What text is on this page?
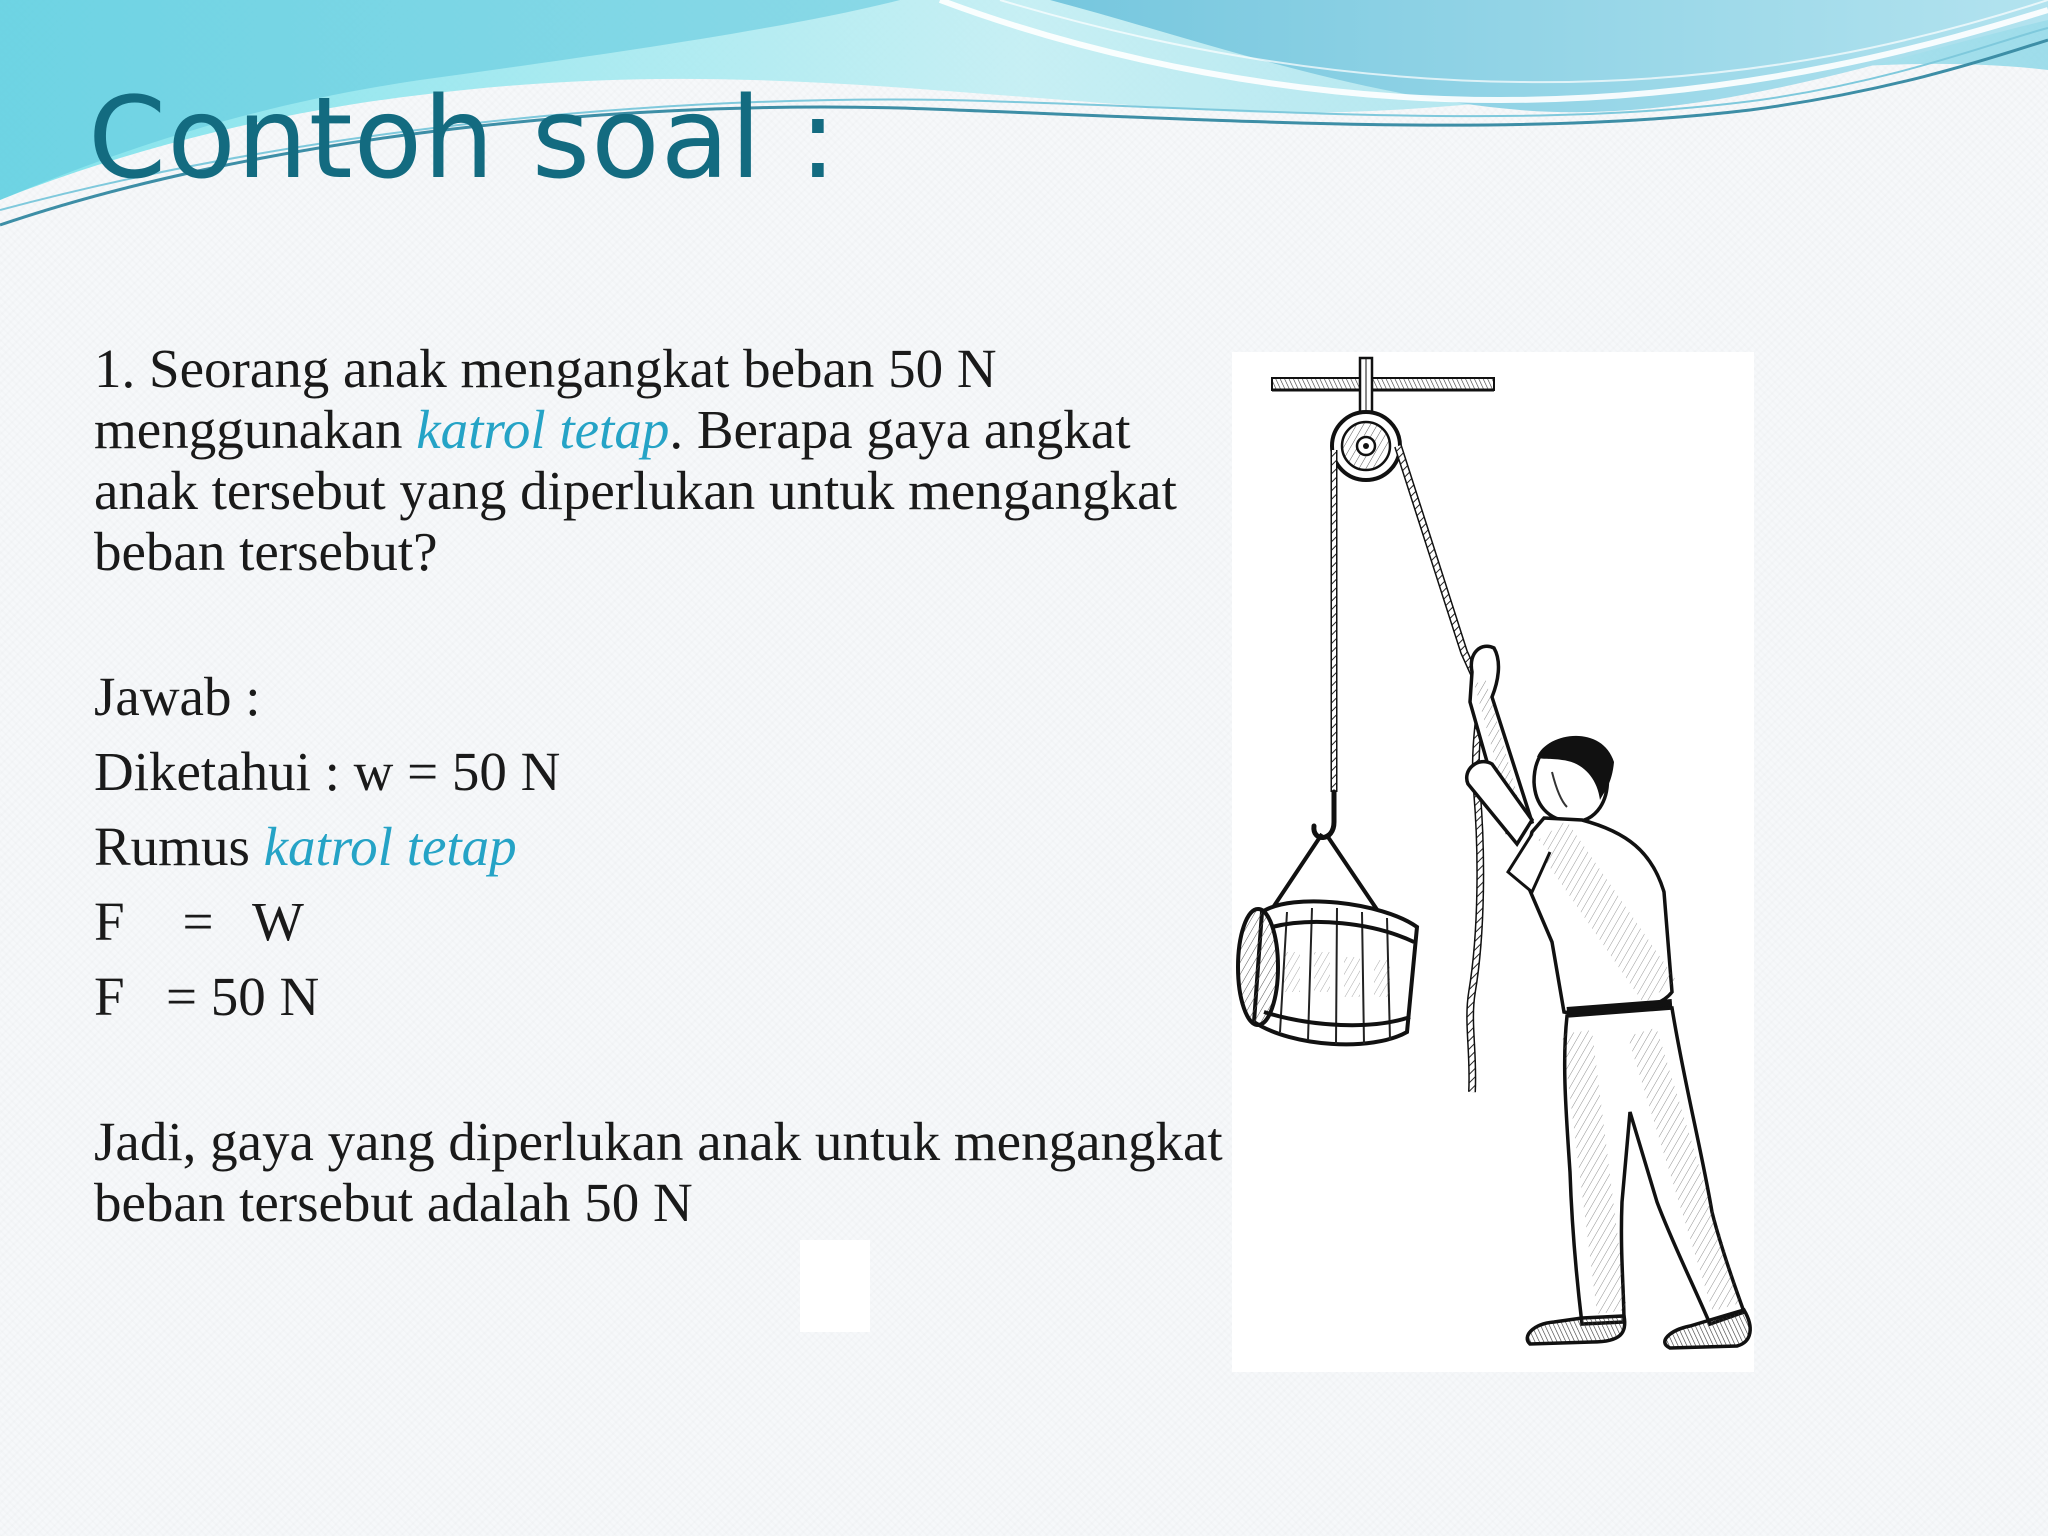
Contoh soal :

1. Seorang anak mengangkat beban 50 N menggunakan katrol tetap. Berapa gaya angkat anak tersebut yang diperlukan untuk mengangkat beban tersebut?

Jawab :

Diketahui : w = 50 N

Rumus katrol tetap

F = W

F = 50 N

Jadi, gaya yang diperlukan anak untuk mengangkat beban tersebut adalah 50 N
